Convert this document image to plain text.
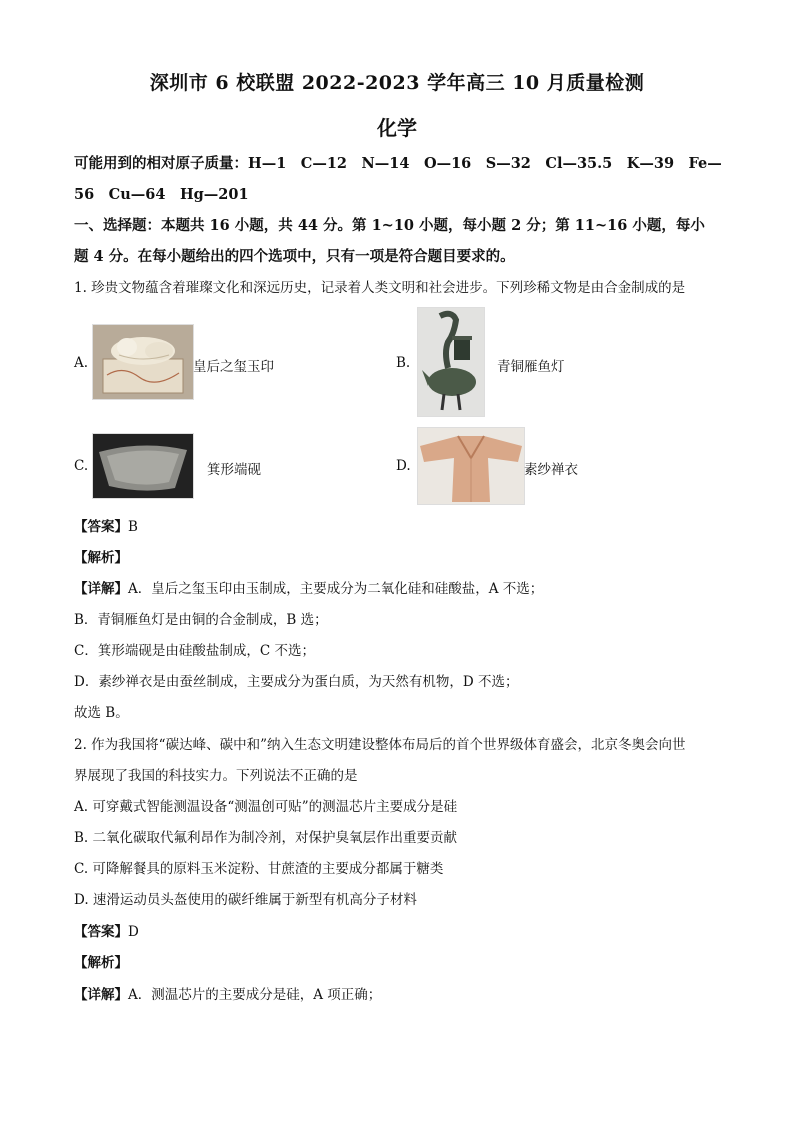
深圳市 6 校联盟 2022-2023 学年高三 10 月质量检测
化学
可能用到的相对原子质量：H—1　C—12　N—14　O—16　S—32　Cl—35.5　K—39　Fe—
56　Cu—64　Hg—201
一、选择题：本题共 16 小题，共 44 分。第 1~10 小题，每小题 2 分；第 11~16 小题，每小
题 4 分。在每小题给出的四个选项中，只有一项是符合题目要求的。
1. 珍贵文物蕴含着璀璨文化和深远历史，记录着人类文明和社会进步。下列珍稀文物是由合金制成的是
A.	皇后之玺玉印	B.	青铜雁鱼灯
C.	箕形端砚	D.	素纱禅衣
【答案】B
【解析】
【详解】A．皇后之玺玉印由玉制成，主要成分为二氧化硅和硅酸盐，A 不选；
B．青铜雁鱼灯是由铜的合金制成，B 选；
C．箕形端砚是由硅酸盐制成，C 不选；
D．素纱禅衣是由蚕丝制成，主要成分为蛋白质，为天然有机物，D 不选；
故选 B。
2. 作为我国将“碳达峰、碳中和”纳入生态文明建设整体布局后的首个世界级体育盛会，北京冬奥会向世
界展现了我国的科技实力。下列说法不正确的是
A. 可穿戴式智能测温设备“测温创可贴”的测温芯片主要成分是硅
B. 二氧化碳取代氟利昂作为制冷剂，对保护臭氧层作出重要贡献
C. 可降解餐具的原料玉米淀粉、甘蔗渣的主要成分都属于糖类
D. 速滑运动员头盔使用的碳纤维属于新型有机高分子材料
【答案】D
【解析】
【详解】A．测温芯片的主要成分是硅，A 项正确；
